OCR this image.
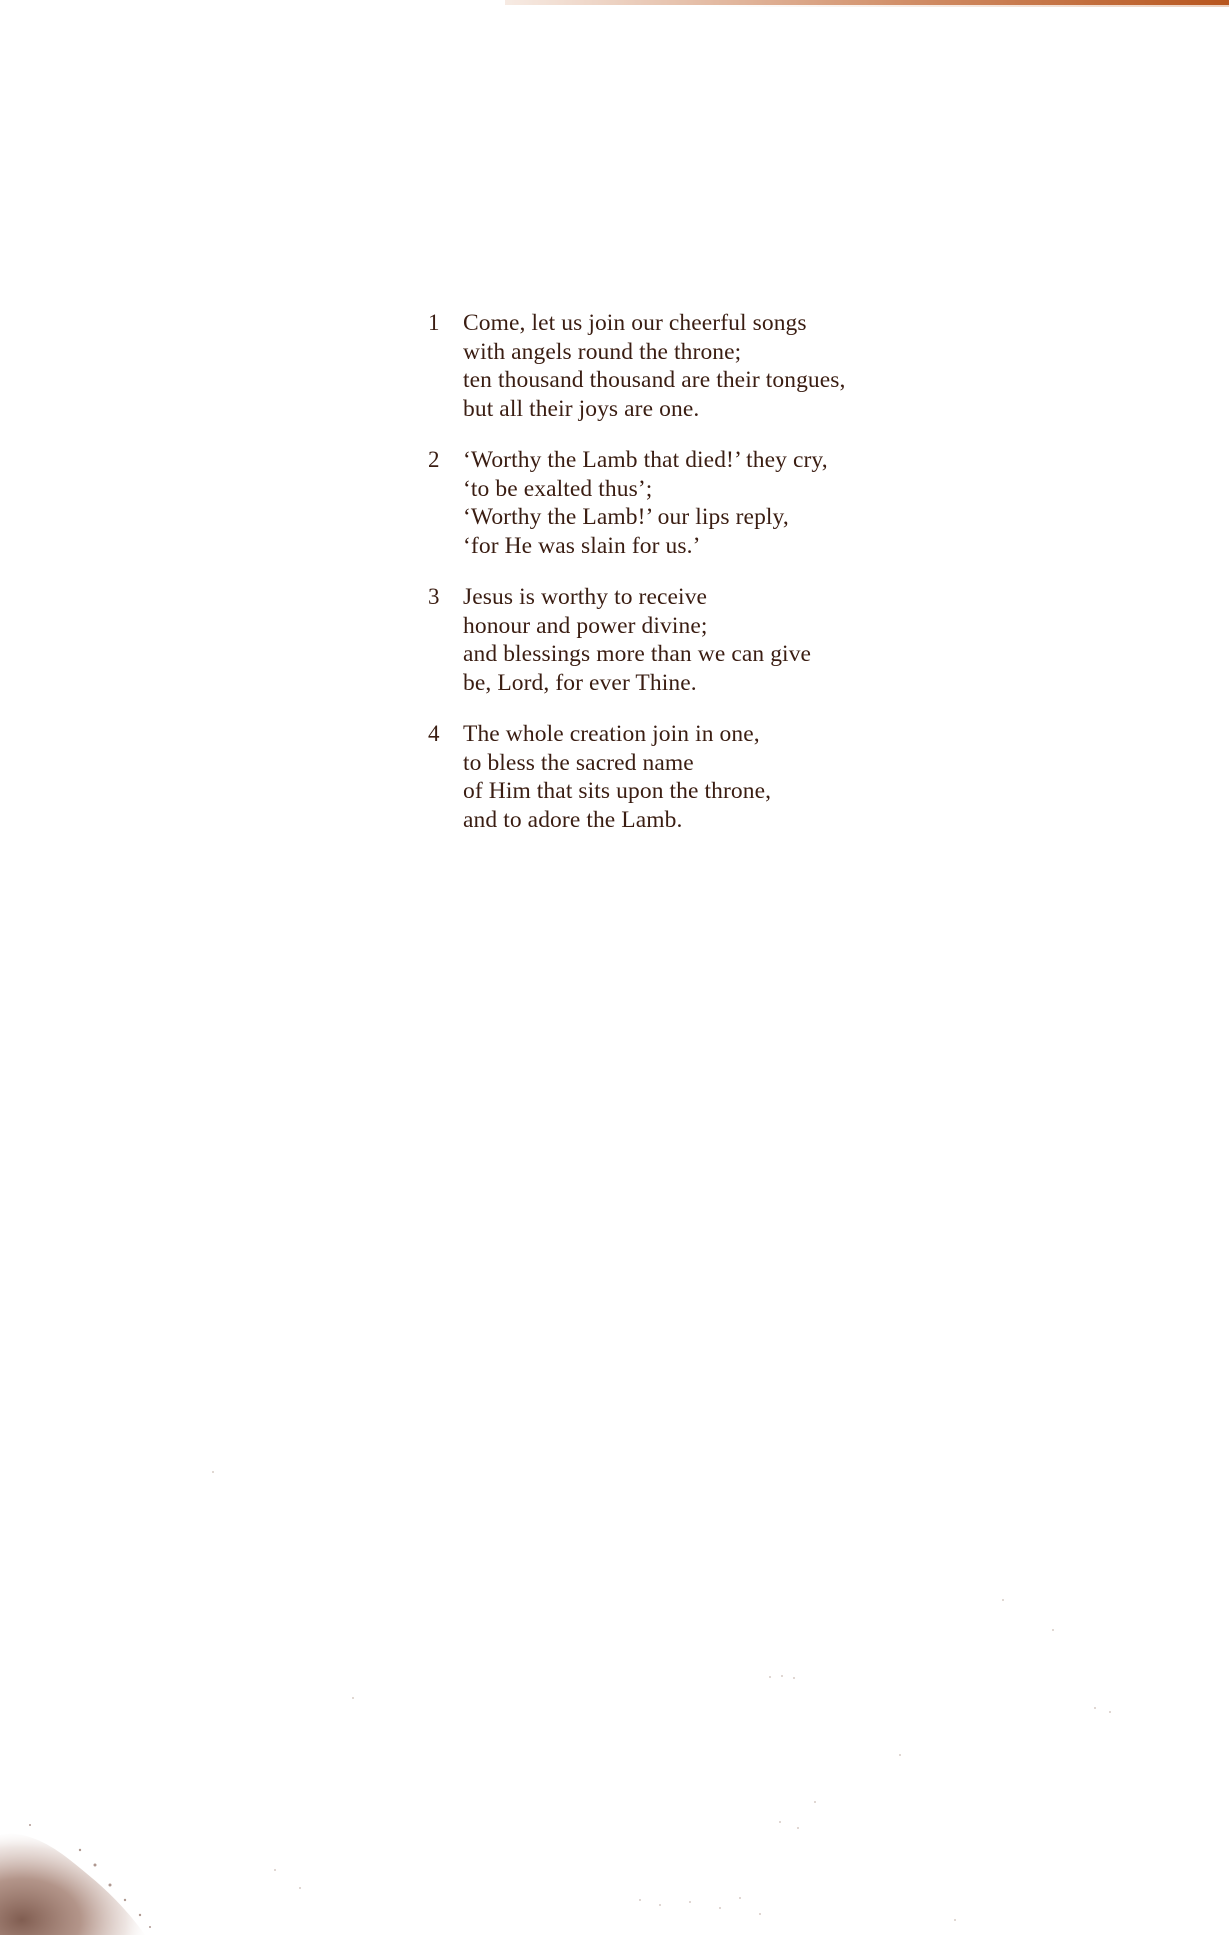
1 Come, let us join our cheerful songs
with angels round the throne;
ten thousand thousand are their tongues,
but all their joys are one.
2 ‘Worthy the Lamb that died!’ they cry,
‘to be exalted thus’;
‘Worthy the Lamb!’ our lips reply,
‘for He was slain for us.’
3 Jesus is worthy to receive
honour and power divine;
and blessings more than we can give
be, Lord, for ever Thine.
4 The whole creation join in one,
to bless the sacred name
of Him that sits upon the throne,
and to adore the Lamb.
